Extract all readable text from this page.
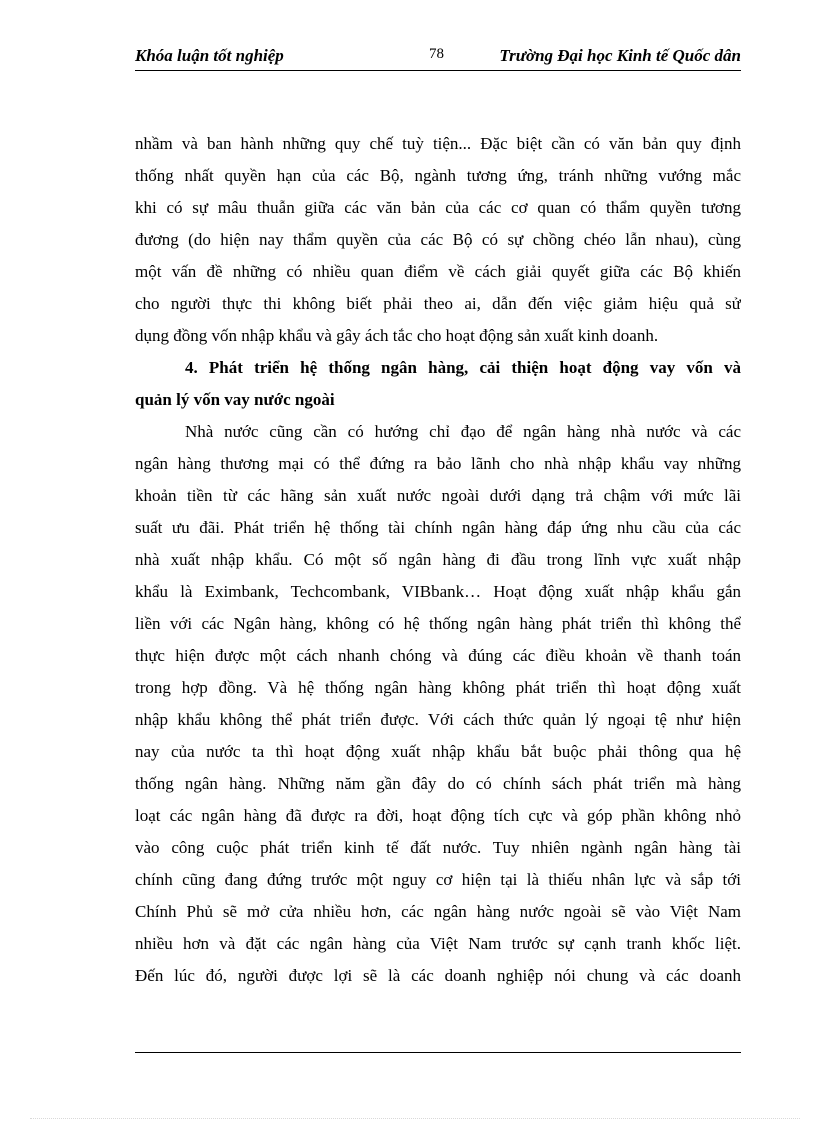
Khóa luận tốt nghiệp	78	Trường Đại học Kinh tế Quốc dân
nhầm và ban hành những quy chế tuỳ tiện... Đặc biệt cần có văn bản quy định
thống nhất quyền hạn của các Bộ, ngành tương ứng, tránh những vướng mắc
khi có sự mâu thuẫn giữa các văn bản của các cơ quan có thẩm quyền tương
đương (do hiện nay thẩm quyền của các Bộ có sự chồng chéo lẫn nhau), cùng
một vấn đề những có nhiều quan điểm về cách giải quyết giữa các Bộ khiến
cho người thực thi không biết phải theo ai, dẫn đến việc giảm hiệu quả sử
dụng đồng vốn nhập khẩu và gây ách tắc cho hoạt động sản xuất kinh doanh.
4. Phát triển hệ thống ngân hàng, cải thiện hoạt động vay vốn và
quản lý vốn vay nước ngoài
Nhà nước cũng cần có hướng chỉ đạo để ngân hàng nhà nước và các
ngân hàng thương mại có thể đứng ra bảo lãnh cho nhà nhập khẩu vay những
khoản tiền từ các hãng sản xuất nước ngoài dưới dạng trả chậm với mức lãi
suất ưu đãi. Phát triển hệ thống tài chính ngân hàng đáp ứng nhu cầu của các
nhà xuất nhập khẩu. Có một số ngân hàng đi đầu trong lĩnh vực xuất nhập
khẩu là Eximbank, Techcombank, VIBbank… Hoạt động xuất nhập khẩu gắn
liền với các Ngân hàng, không có hệ thống ngân hàng phát triển thì không thể
thực hiện được một cách nhanh chóng và đúng các điều khoản về thanh toán
trong hợp đồng. Và hệ thống ngân hàng không phát triển thì hoạt động xuất
nhập khẩu không thể phát triển được. Với cách thức quản lý ngoại tệ như hiện
nay của nước ta thì hoạt động xuất nhập khẩu bắt buộc phải thông qua hệ
thống ngân hàng. Những năm gần đây do có chính sách phát triển mà hàng
loạt các ngân hàng đã được ra đời, hoạt động tích cực và góp phần không nhỏ
vào công cuộc phát triển kinh tế đất nước. Tuy nhiên ngành ngân hàng tài
chính cũng đang đứng trước một nguy cơ hiện tại là thiếu nhân lực và sắp tới
Chính Phủ sẽ mở cửa nhiều hơn, các ngân hàng nước ngoài sẽ vào Việt Nam
nhiều hơn và đặt các ngân hàng của Việt Nam trước sự cạnh tranh khốc liệt.
Đến lúc đó, người được lợi sẽ là các doanh nghiệp nói chung và các doanh
